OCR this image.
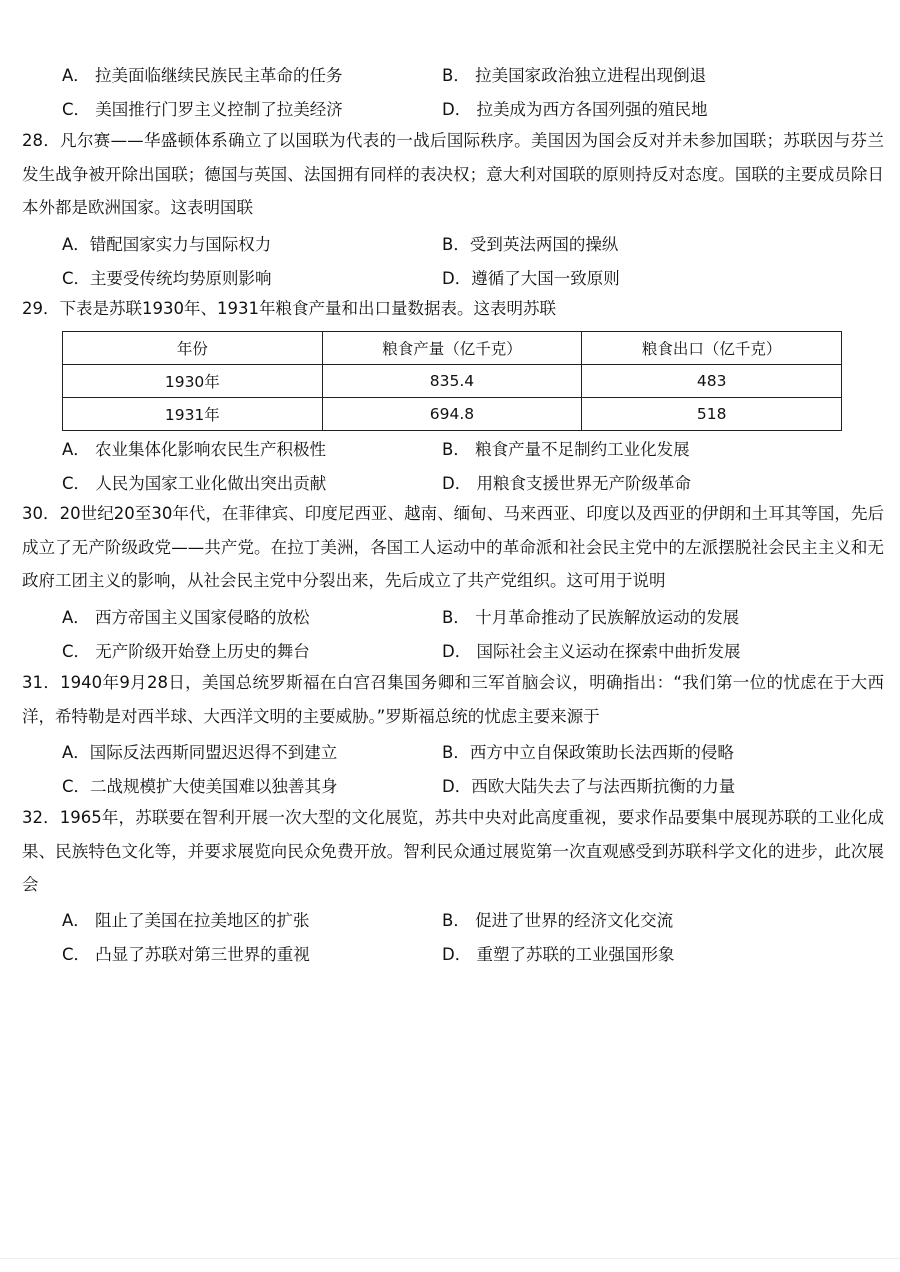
A． 拉美面临继续民族民主革命的任务	B． 拉美国家政治独立进程出现倒退
C． 美国推行门罗主义控制了拉美经济	D． 拉美成为西方各国列强的殖民地

28．凡尔赛——华盛顿体系确立了以国联为代表的一战后国际秩序。美国因为国会反对并未参加国联；苏联因与芬兰发生战争被开除出国联；德国与英国、法国拥有同样的表决权；意大利对国联的原则持反对态度。国联的主要成员除日本外都是欧洲国家。这表明国联

A．错配国家实力与国际权力	B．受到英法两国的操纵
C．主要受传统均势原则影响	D．遵循了大国一致原则

29．下表是苏联1930年、1931年粮食产量和出口量数据表。这表明苏联

年份	粮食产量（亿千克）	粮食出口（亿千克）
1930年	835.4	483
1931年	694.8	518
A． 农业集体化影响农民生产积极性	B． 粮食产量不足制约工业化发展
C． 人民为国家工业化做出突出贡献	D． 用粮食支援世界无产阶级革命

30．20世纪20至30年代，在菲律宾、印度尼西亚、越南、缅甸、马来西亚、印度以及西亚的伊朗和土耳其等国，先后成立了无产阶级政党——共产党。在拉丁美洲，各国工人运动中的革命派和社会民主党中的左派摆脱社会民主主义和无政府工团主义的影响，从社会民主党中分裂出来，先后成立了共产党组织。这可用于说明

A． 西方帝国主义国家侵略的放松	B． 十月革命推动了民族解放运动的发展
C． 无产阶级开始登上历史的舞台	D． 国际社会主义运动在探索中曲折发展

31．1940年9月28日，美国总统罗斯福在白宫召集国务卿和三军首脑会议，明确指出：“我们第一位的忧虑在于大西洋，希特勒是对西半球、大西洋文明的主要威胁。”罗斯福总统的忧虑主要来源于

A．国际反法西斯同盟迟迟得不到建立	B．西方中立自保政策助长法西斯的侵略
C．二战规模扩大使美国难以独善其身	D．西欧大陆失去了与法西斯抗衡的力量

32．1965年，苏联要在智利开展一次大型的文化展览，苏共中央对此高度重视，要求作品要集中展现苏联的工业化成果、民族特色文化等，并要求展览向民众免费开放。智利民众通过展览第一次直观感受到苏联科学文化的进步，此次展会

A． 阻止了美国在拉美地区的扩张	B． 促进了世界的经济文化交流
C． 凸显了苏联对第三世界的重视	D． 重塑了苏联的工业强国形象
